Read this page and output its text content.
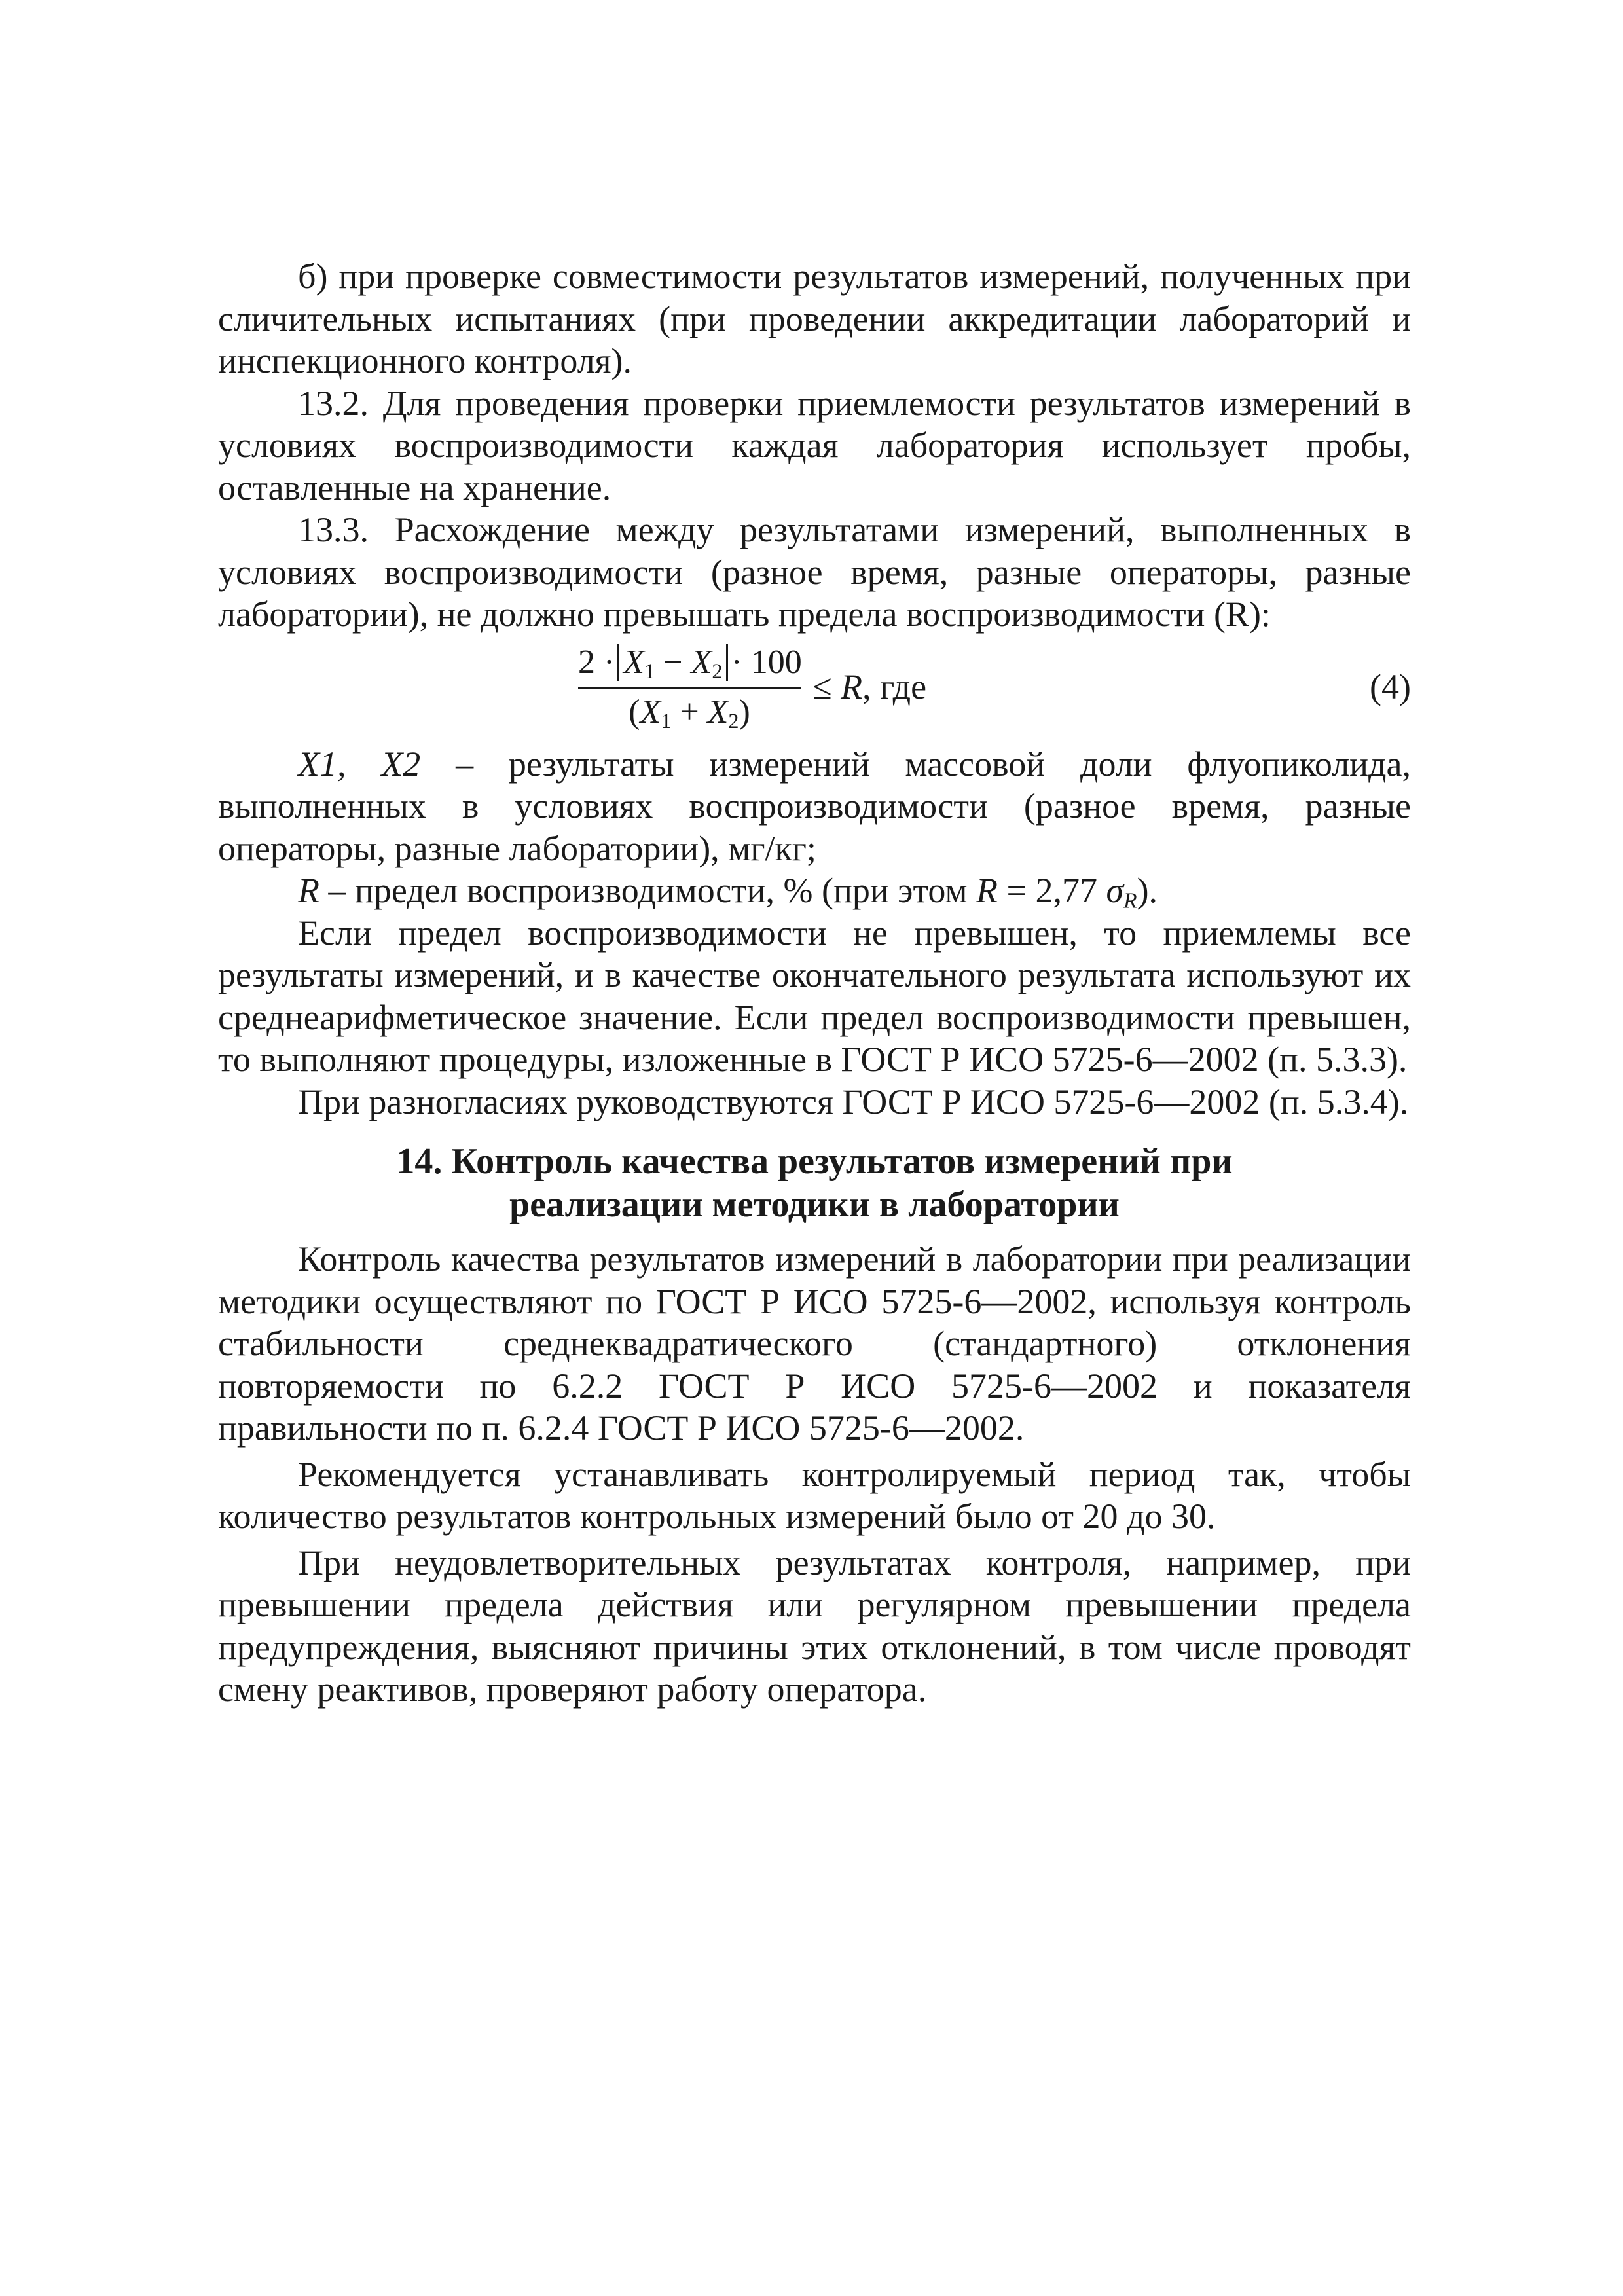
б) при проверке совместимости результатов измерений, полученных при сличительных испытаниях (при проведении аккредитации лабораторий и инспекционного контроля).

13.2. Для проведения проверки приемлемости результатов измерений в условиях воспроизводимости каждая лаборатория использует пробы, оставленные на хранение.

13.3. Расхождение между результатами измерений, выполненных в условиях воспроизводимости (разное время, разные операторы, разные лаборатории), не должно превышать предела воспроизводимости (R):

$2 \cdot X_1 - X_2 \cdot 100$
$(X_1 + X_2)$
≤ R, где	(4)

X1, X2 – результаты измерений массовой доли флуопиколида, выполненных в условиях воспроизводимости (разное время, разные операторы, разные лаборатории), мг/кг;

R – предел воспроизводимости, % (при этом R = 2,77 $\sigma_R$).

Если предел воспроизводимости не превышен, то приемлемы все результаты измерений, и в качестве окончательного результата используют их среднеарифметическое значение. Если предел воспроизводимости превышен, то выполняют процедуры, изложенные в ГОСТ Р ИСО 5725-6—2002 (п. 5.3.3).

При разногласиях руководствуются ГОСТ Р ИСО 5725-6—2002 (п. 5.3.4).

14. Контроль качества результатов измерений при
реализации методики в лаборатории

Контроль качества результатов измерений в лаборатории при реализации методики осуществляют по ГОСТ Р ИСО 5725-6—2002, используя контроль стабильности среднеквадратического (стандартного) отклонения повторяемости по 6.2.2 ГОСТ Р ИСО 5725-6—2002 и показателя правильности по п. 6.2.4 ГОСТ Р ИСО 5725-6—2002.

Рекомендуется устанавливать контролируемый период так, чтобы количество результатов контрольных измерений было от 20 до 30.

При неудовлетворительных результатах контроля, например, при превышении предела действия или регулярном превышении предела предупреждения, выясняют причины этих отклонений, в том числе проводят смену реактивов, проверяют работу оператора.
